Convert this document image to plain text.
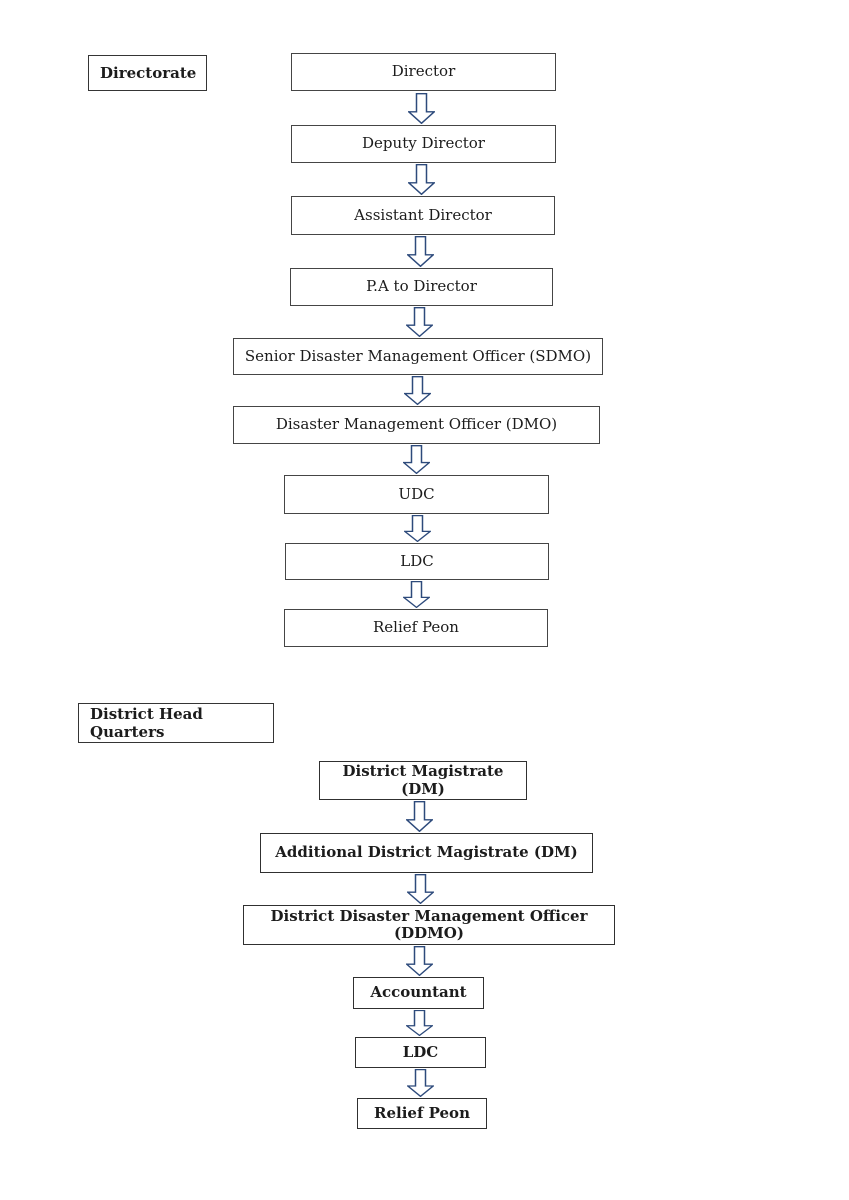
Directorate	Director
Deputy Director
Assistant Director
P.A to Director
Senior Disaster Management Officer (SDMO)
Disaster Management Officer (DMO)
UDC
LDC
Relief Peon
District Head Quarters
District Magistrate (DM)
Additional District Magistrate (DM)
District Disaster Management Officer (DDMO)
Accountant
LDC
Relief Peon
